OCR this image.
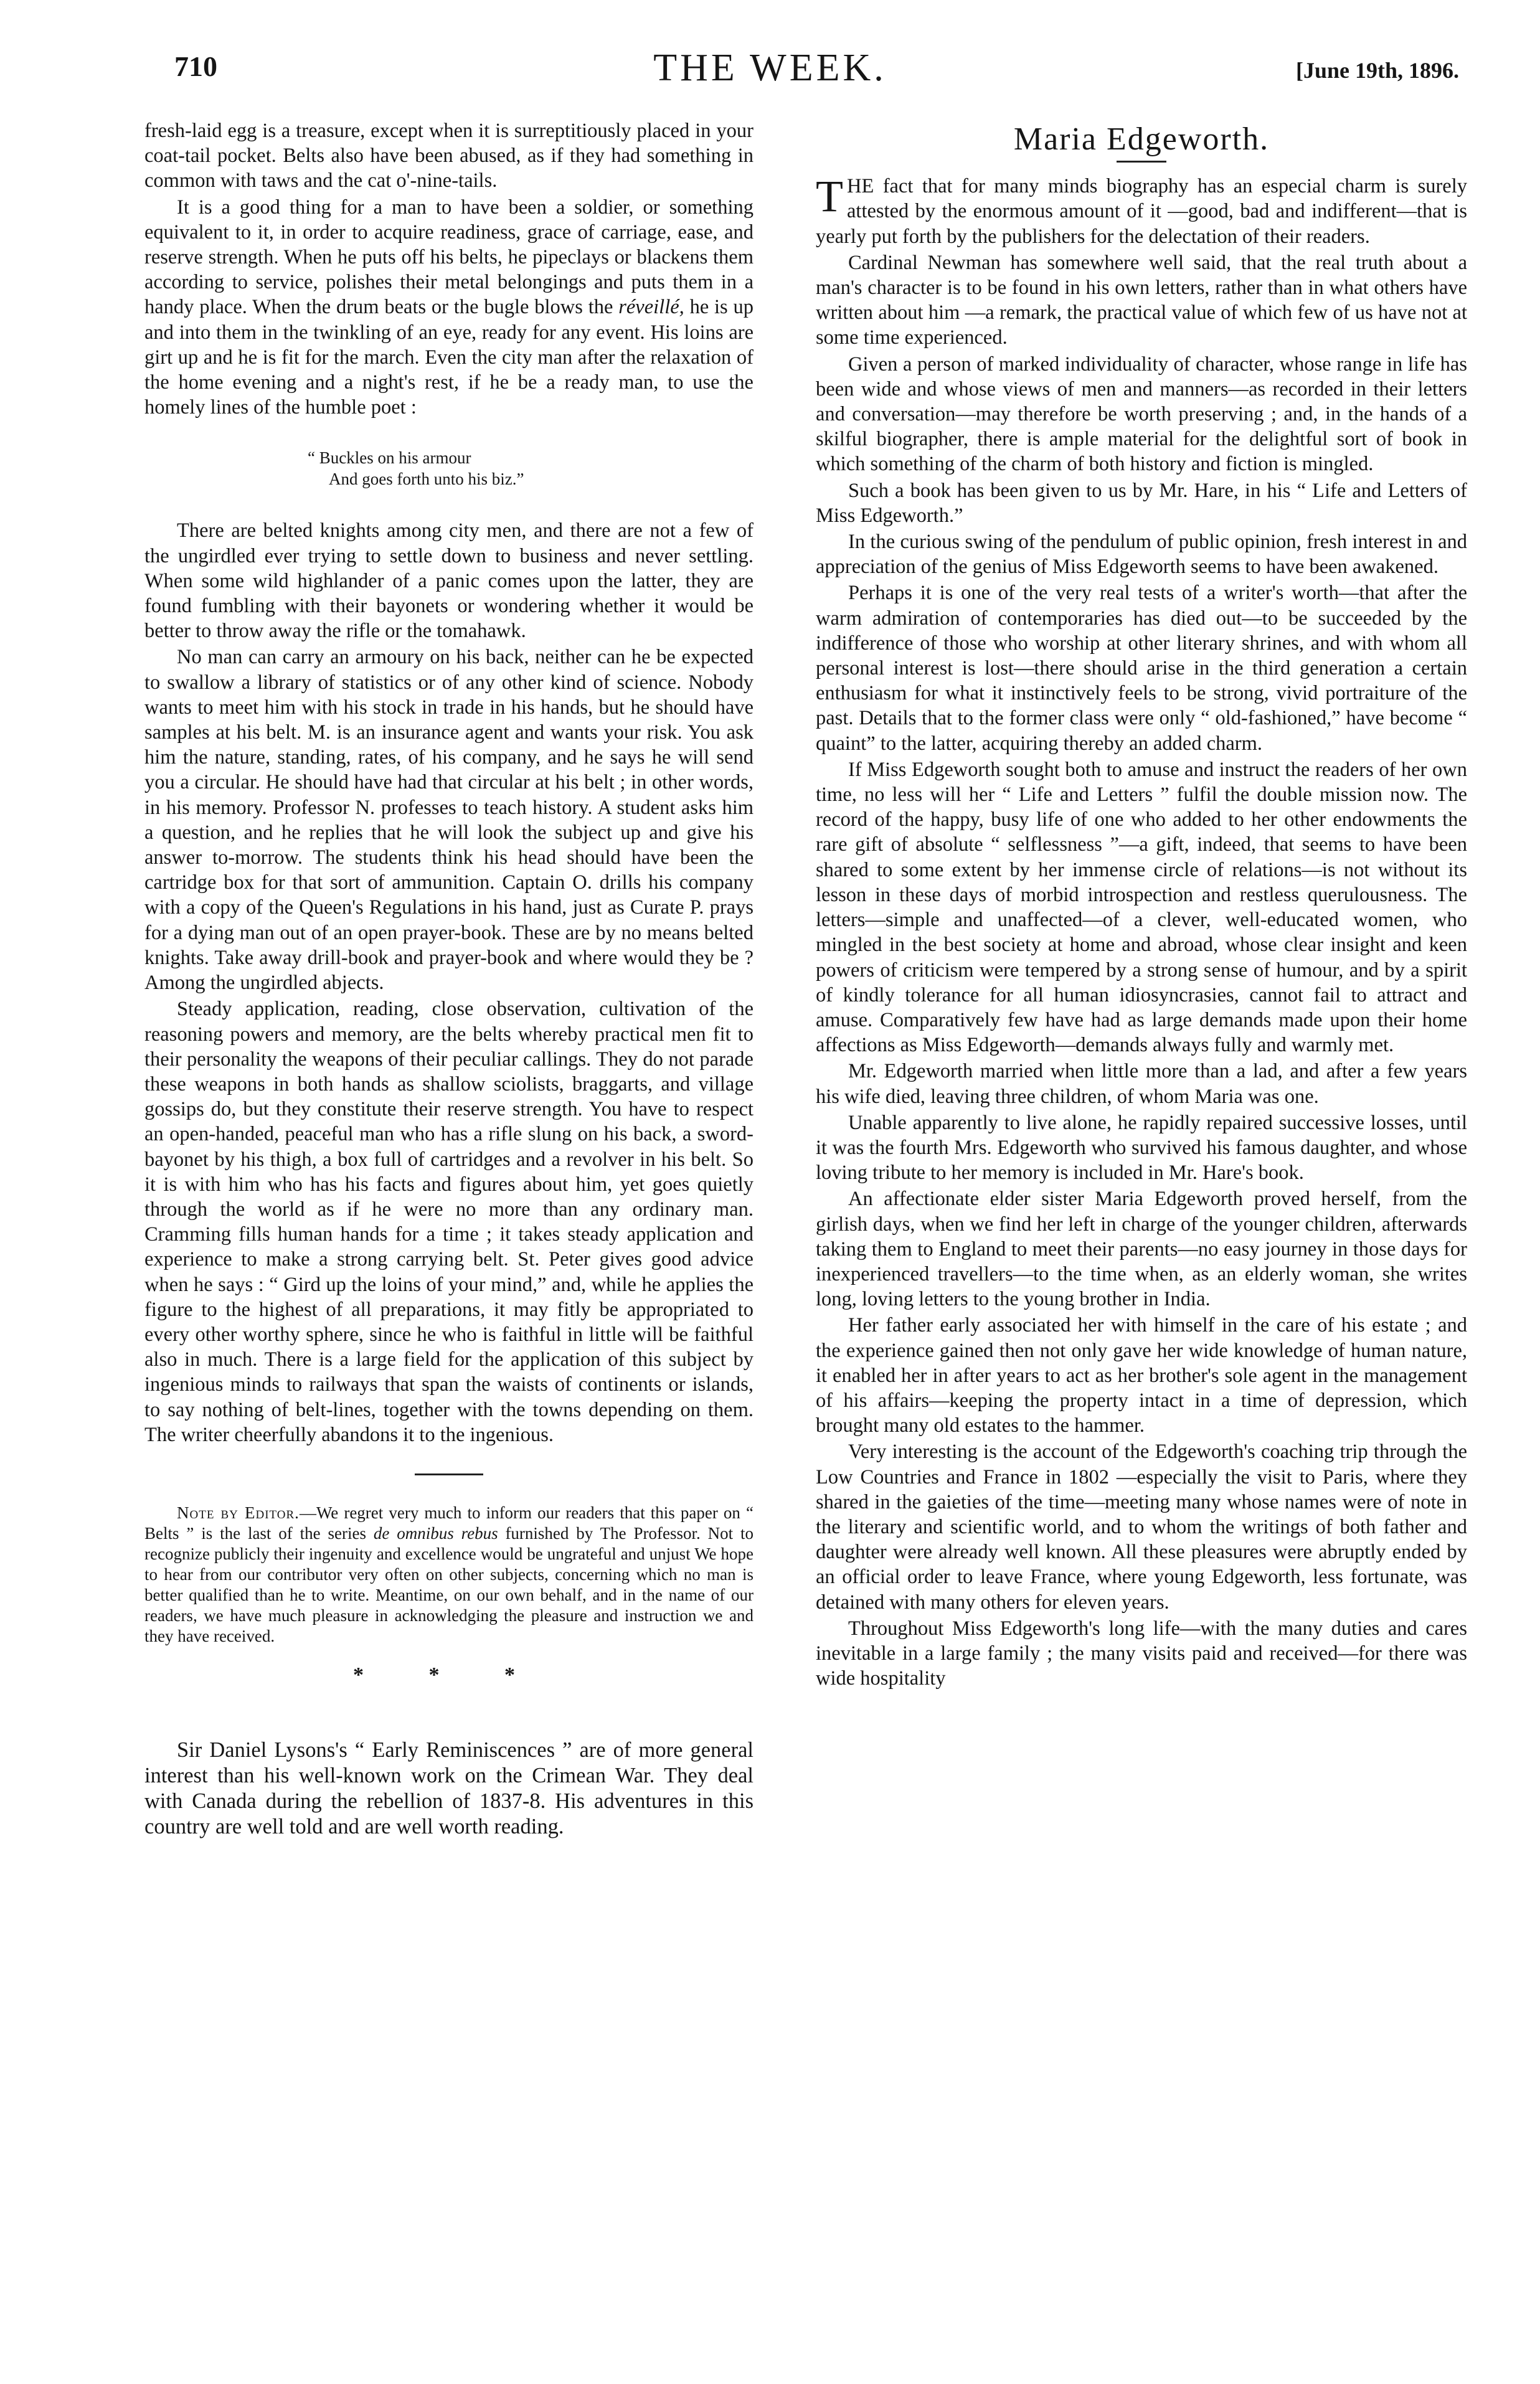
710	THE WEEK.	[June 19th, 1896.

fresh-laid egg is a treasure, except when it is surreptitiously placed in your coat-tail pocket. Belts also have been abused, as if they had something in common with taws and the cat o'-nine-tails.

It is a good thing for a man to have been a soldier, or something equivalent to it, in order to acquire readiness, grace of carriage, ease, and reserve strength. When he puts off his belts, he pipeclays or blackens them according to service, polishes their metal belongings and puts them in a handy place. When the drum beats or the bugle blows the réveillé, he is up and into them in the twinkling of an eye, ready for any event. His loins are girt up and he is fit for the march. Even the city man after the relaxation of the home evening and a night's rest, if he be a ready man, to use the homely lines of the humble poet :

“ Buckles on his armour
And goes forth unto his biz.”

There are belted knights among city men, and there are not a few of the ungirdled ever trying to settle down to business and never settling. When some wild highlander of a panic comes upon the latter, they are found fumbling with their bayonets or wondering whether it would be better to throw away the rifle or the tomahawk.

No man can carry an armoury on his back, neither can he be expected to swallow a library of statistics or of any other kind of science. Nobody wants to meet him with his stock in trade in his hands, but he should have samples at his belt. M. is an insurance agent and wants your risk. You ask him the nature, standing, rates, of his company, and he says he will send you a circular. He should have had that circular at his belt ; in other words, in his memory. Professor N. professes to teach history. A student asks him a question, and he replies that he will look the subject up and give his answer to-morrow. The students think his head should have been the cartridge box for that sort of ammunition. Captain O. drills his company with a copy of the Queen's Regulations in his hand, just as Curate P. prays for a dying man out of an open prayer-book. These are by no means belted knights. Take away drill-book and prayer-book and where would they be ? Among the ungirdled abjects.

Steady application, reading, close observation, cultivation of the reasoning powers and memory, are the belts whereby practical men fit to their personality the weapons of their peculiar callings. They do not parade these weapons in both hands as shallow sciolists, braggarts, and village gossips do, but they constitute their reserve strength. You have to respect an open-handed, peaceful man who has a rifle slung on his back, a sword-bayonet by his thigh, a box full of cartridges and a revolver in his belt. So it is with him who has his facts and figures about him, yet goes quietly through the world as if he were no more than any ordinary man. Cramming fills human hands for a time ; it takes steady application and experience to make a strong carrying belt. St. Peter gives good advice when he says : “ Gird up the loins of your mind,” and, while he applies the figure to the highest of all preparations, it may fitly be appropriated to every other worthy sphere, since he who is faithful in little will be faithful also in much. There is a large field for the application of this subject by ingenious minds to railways that span the waists of continents or islands, to say nothing of belt-lines, together with the towns depending on them. The writer cheerfully abandons it to the ingenious.

Note by Editor.—We regret very much to inform our readers that this paper on “ Belts ” is the last of the series de omnibus rebus furnished by The Professor. Not to recognize publicly their ingenuity and excellence would be ungrateful and unjust We hope to hear from our contributor very often on other subjects, concerning which no man is better qualified than he to write. Meantime, on our own behalf, and in the name of our readers, we have much pleasure in acknowledging the pleasure and instruction we and they have received.

* * *

Sir Daniel Lysons's “ Early Reminiscences ” are of more general interest than his well-known work on the Crimean War. They deal with Canada during the rebellion of 1837-8. His adventures in this country are well told and are well worth reading.

Maria Edgeworth.

THE fact that for many minds biography has an especial charm is surely attested by the enormous amount of it —good, bad and indifferent—that is yearly put forth by the publishers for the delectation of their readers.

Cardinal Newman has somewhere well said, that the real truth about a man's character is to be found in his own letters, rather than in what others have written about him —a remark, the practical value of which few of us have not at some time experienced.

Given a person of marked individuality of character, whose range in life has been wide and whose views of men and manners—as recorded in their letters and conversation—may therefore be worth preserving ; and, in the hands of a skilful biographer, there is ample material for the delightful sort of book in which something of the charm of both history and fiction is mingled.

Such a book has been given to us by Mr. Hare, in his “ Life and Letters of Miss Edgeworth.”

In the curious swing of the pendulum of public opinion, fresh interest in and appreciation of the genius of Miss Edgeworth seems to have been awakened.

Perhaps it is one of the very real tests of a writer's worth—that after the warm admiration of contemporaries has died out—to be succeeded by the indifference of those who worship at other literary shrines, and with whom all personal interest is lost—there should arise in the third generation a certain enthusiasm for what it instinctively feels to be strong, vivid portraiture of the past. Details that to the former class were only “ old-fashioned,” have become “ quaint” to the latter, acquiring thereby an added charm.

If Miss Edgeworth sought both to amuse and instruct the readers of her own time, no less will her “ Life and Letters ” fulfil the double mission now. The record of the happy, busy life of one who added to her other endowments the rare gift of absolute “ selflessness ”—a gift, indeed, that seems to have been shared to some extent by her immense circle of relations—is not without its lesson in these days of morbid introspection and restless querulousness. The letters—simple and unaffected—of a clever, well-educated women, who mingled in the best society at home and abroad, whose clear insight and keen powers of criticism were tempered by a strong sense of humour, and by a spirit of kindly tolerance for all human idiosyncrasies, cannot fail to attract and amuse. Comparatively few have had as large demands made upon their home affections as Miss Edgeworth—demands always fully and warmly met.

Mr. Edgeworth married when little more than a lad, and after a few years his wife died, leaving three children, of whom Maria was one.

Unable apparently to live alone, he rapidly repaired successive losses, until it was the fourth Mrs. Edgeworth who survived his famous daughter, and whose loving tribute to her memory is included in Mr. Hare's book.

An affectionate elder sister Maria Edgeworth proved herself, from the girlish days, when we find her left in charge of the younger children, afterwards taking them to England to meet their parents—no easy journey in those days for inexperienced travellers—to the time when, as an elderly woman, she writes long, loving letters to the young brother in India.

Her father early associated her with himself in the care of his estate ; and the experience gained then not only gave her wide knowledge of human nature, it enabled her in after years to act as her brother's sole agent in the management of his affairs—keeping the property intact in a time of depression, which brought many old estates to the hammer.

Very interesting is the account of the Edgeworth's coaching trip through the Low Countries and France in 1802 —especially the visit to Paris, where they shared in the gaieties of the time—meeting many whose names were of note in the literary and scientific world, and to whom the writings of both father and daughter were already well known. All these pleasures were abruptly ended by an official order to leave France, where young Edgeworth, less fortunate, was detained with many others for eleven years.

Throughout Miss Edgeworth's long life—with the many duties and cares inevitable in a large family ; the many visits paid and received—for there was wide hospitality
